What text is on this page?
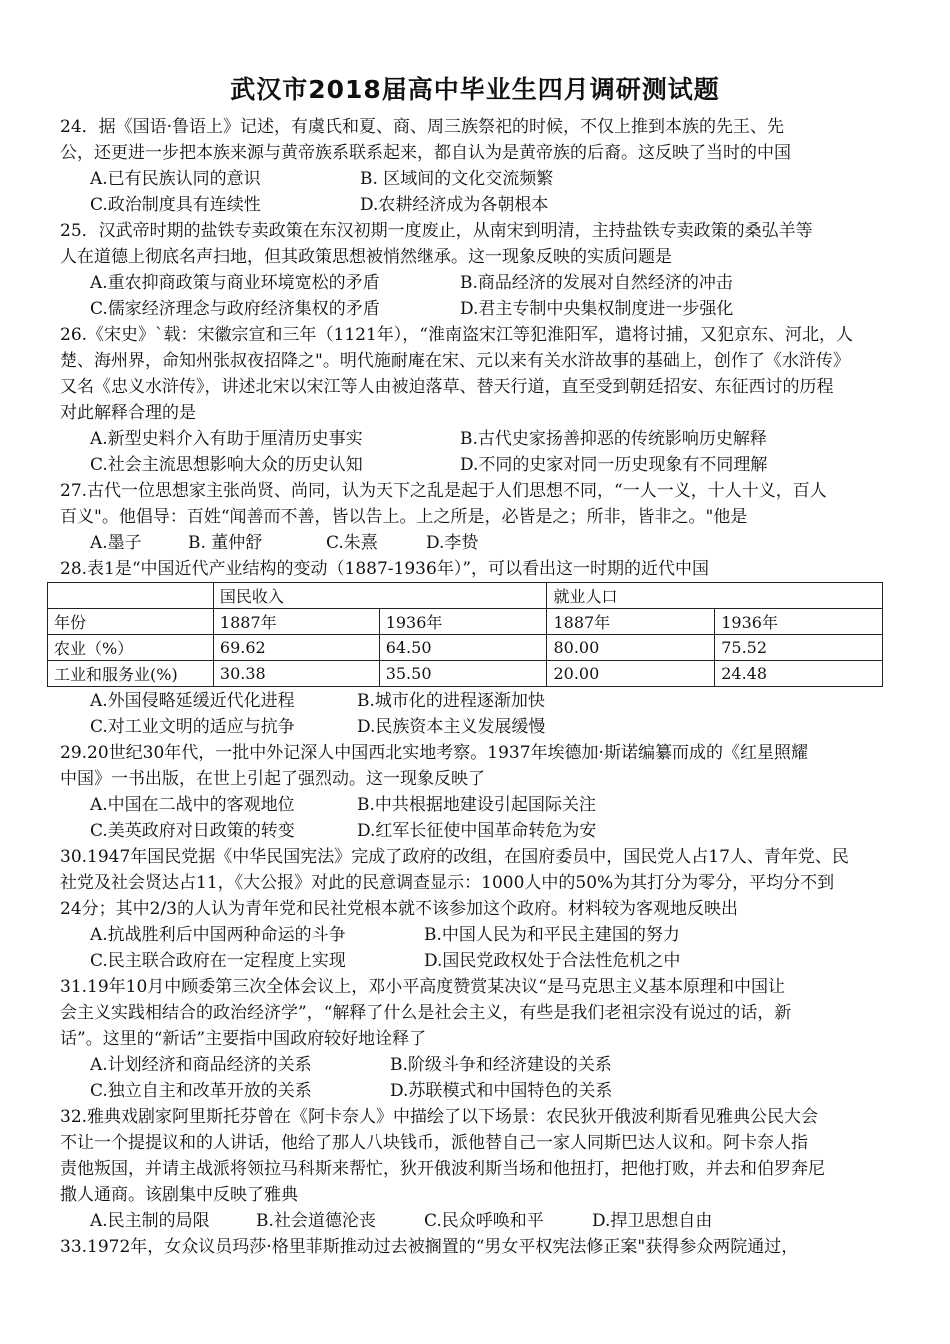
武汉市2018届高中毕业生四月调研测试题
24．据《国语·鲁语上》记述，有虞氏和夏、商、周三族祭祀的时候，不仅上推到本族的先王、先
公，还更进一步把本族来源与黄帝族系联系起来，都自认为是黄帝族的后裔。这反映了当时的中国
A.已有民族认同的意识	B. 区域间的文化交流频繁
C.政治制度具有连续性	D.农耕经济成为各朝根本
25．汉武帝时期的盐铁专卖政策在东汉初期一度废止，从南宋到明清，主持盐铁专卖政策的桑弘羊等
人在道德上彻底名声扫地，但其政策思想被悄然继承。这一现象反映的实质问题是
A.重农抑商政策与商业环境宽松的矛盾	B.商品经济的发展对自然经济的冲击
C.儒家经济理念与政府经济集权的矛盾	D.君主专制中央集权制度进一步强化
26.《宋史》`载：宋徽宗宣和三年（1121年），“淮南盗宋江等犯淮阳军，遣将讨捕，又犯京东、河北，人
楚、海州界，命知州张叔夜招降之"。明代施耐庵在宋、元以来有关水浒故事的基础上，创作了《水浒传》
又名《忠义水浒传》，讲述北宋以宋江等人由被迫落草、替天行道，直至受到朝廷招安、东征西讨的历程
对此解释合理的是
A.新型史料介入有助于厘清历史事实	B.古代史家扬善抑恶的传统影响历史解释
C.社会主流思想影响大众的历史认知	D.不同的史家对同一历史现象有不同理解
27.古代一位思想家主张尚贤、尚同，认为天下之乱是起于人们思想不同，“一人一义，十人十义，百人
百义"。他倡导：百姓“闻善而不善，皆以告上。上之所是，必皆是之；所非，皆非之。"他是
A.墨子	B. 董仲舒	C.朱熹	D.李贽
28.表1是“中国近代产业结构的变动（1887-1936年）”，可以看出这一时期的近代中国
	国民收入		就业人口	
年份	1887年	1936年	1887年	1936年
农业（%）	69.62	64.50	80.00	75.52
工业和服务业(%)	30.38	35.50	20.00	24.48
A.外国侵略延缓近代化进程	B.城市化的进程逐渐加快
C.对工业文明的适应与抗争	D.民族资本主义发展缓慢
29.20世纪30年代，一批中外记深人中国西北实地考察。1937年埃德加·斯诺编纂而成的《红星照耀
中国》一书出版，在世上引起了强烈动。这一现象反映了
A.中国在二战中的客观地位	B.中共根据地建设引起国际关注
C.美英政府对日政策的转变	D.红军长征使中国革命转危为安
30.1947年国民党据《中华民国宪法》完成了政府的改组，在国府委员中，国民党人占17人、青年党、民
社党及社会贤达占11，《大公报》对此的民意调查显示：1000人中的50%为其打分为零分，平均分不到
24分；其中2/3的人认为青年党和民社党根本就不该参加这个政府。材料较为客观地反映出
A.抗战胜利后中国两种命运的斗争	B.中国人民为和平民主建国的努力
C.民主联合政府在一定程度上实现	D.国民党政权处于合法性危机之中
31.19年10月中顾委第三次全体会议上，邓小平高度赞赏某决议“是马克思主义基本原理和中国让
会主义实践相结合的政治经济学”，“解释了什么是社会主义，有些是我们老祖宗没有说过的话，新
话”。这里的“新话”主要指中国政府较好地诠释了
A.计划经济和商品经济的关系	B.阶级斗争和经济建设的关系
C.独立自主和改革开放的关系	D.苏联模式和中国特色的关系
32.雅典戏剧家阿里斯托芬曾在《阿卡奈人》中描绘了以下场景：农民狄开俄波利斯看见雅典公民大会
不让一个提提议和的人讲话，他给了那人八块钱币，派他替自己一家人同斯巴达人议和。阿卡奈人指
责他叛国，并请主战派将领拉马科斯来帮忙，狄开俄波利斯当场和他扭打，把他打败，并去和伯罗奔尼
撒人通商。该剧集中反映了雅典
A.民主制的局限	B.社会道德沦丧	C.民众呼唤和平	D.捍卫思想自由
33.1972年，女众议员玛莎·格里菲斯推动过去被搁置的“男女平权宪法修正案"获得参众两院通过，
